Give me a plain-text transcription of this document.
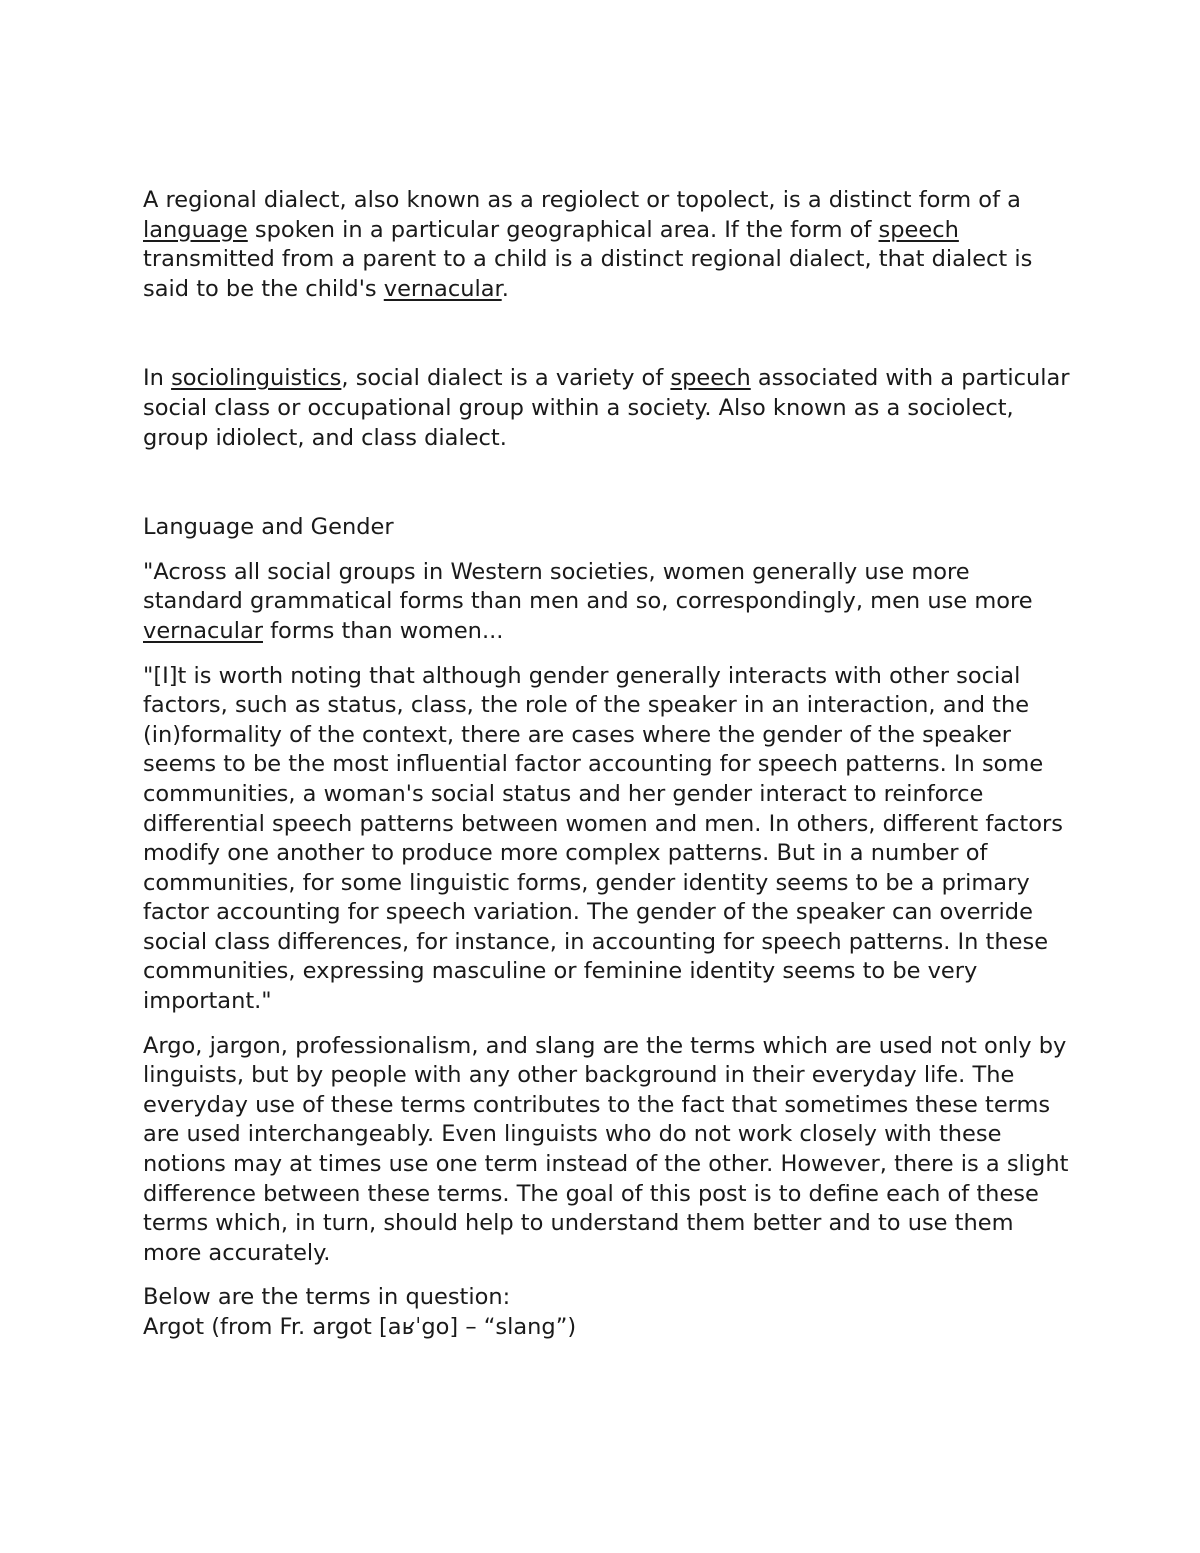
A regional dialect, also known as a regiolect or topolect, is a distinct form of a language spoken in a particular geographical area. If the form of speech transmitted from a parent to a child is a distinct regional dialect, that dialect is said to be the child's vernacular.

In sociolinguistics, social dialect is a variety of speech associated with a particular social class or occupational group within a society. Also known as a sociolect, group idiolect, and class dialect.

Language and Gender

"Across all social groups in Western societies, women generally use more standard grammatical forms than men and so, correspondingly, men use more vernacular forms than women...

"[I]t is worth noting that although gender generally interacts with other social factors, such as status, class, the role of the speaker in an interaction, and the (in)formality of the context, there are cases where the gender of the speaker seems to be the most influential factor accounting for speech patterns. In some communities, a woman's social status and her gender interact to reinforce differential speech patterns between women and men. In others, different factors modify one another to produce more complex patterns. But in a number of communities, for some linguistic forms, gender identity seems to be a primary factor accounting for speech variation. The gender of the speaker can override social class differences, for instance, in accounting for speech patterns. In these communities, expressing masculine or feminine identity seems to be very important."

Argo, jargon, professionalism, and slang are the terms which are used not only by linguists, but by people with any other background in their everyday life. The everyday use of these terms contributes to the fact that sometimes these terms are used interchangeably. Even linguists who do not work closely with these notions may at times use one term instead of the other. However, there is a slight difference between these terms. The goal of this post is to define each of these terms which, in turn, should help to understand them better and to use them more accurately.

Below are the terms in question:
Argot (from Fr. argot [aʁˈgo] – “slang”)
